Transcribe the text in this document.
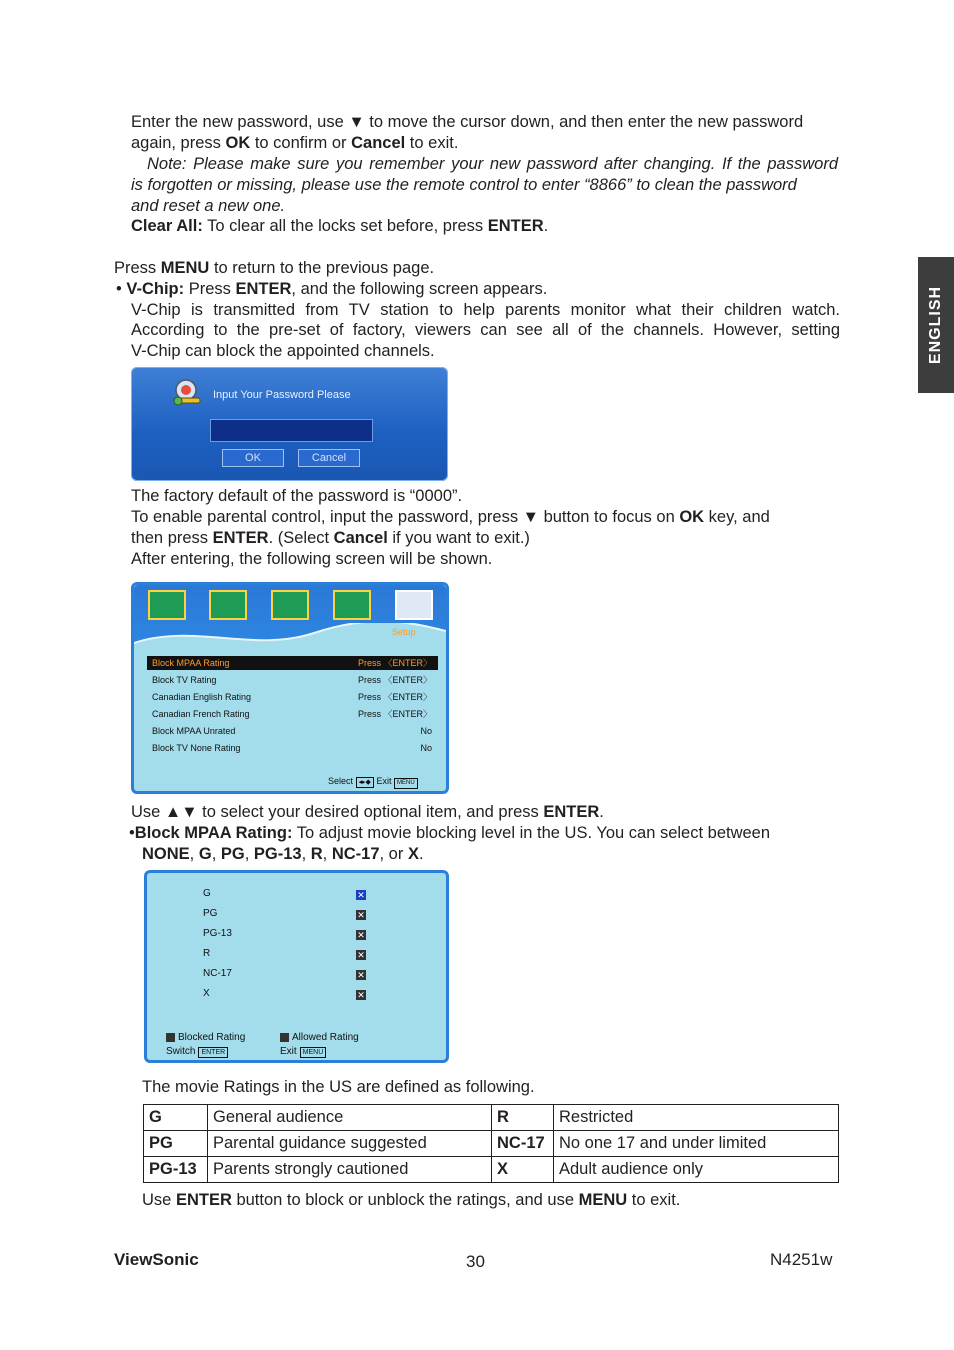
ENGLISH
Enter the new password, use ▼ to move the cursor down, and then enter the new password
again, press OK to confirm or Cancel to exit.
Note: Please make sure you remember your new password after changing. If the password
is forgotten or missing, please use the remote control to enter “8866” to clean the password
and reset a new one.
Clear All: To clear all the locks set before, press ENTER.
Press MENU to return to the previous page.
• V-Chip: Press ENTER, and the following screen appears.
V-Chip is transmitted from TV station to help parents monitor what their children watch.
According to the pre-set of factory, viewers can see all of the channels. However, setting
V-Chip can block the appointed channels.
Input Your Password Please
OK	Cancel
The factory default of the password is “0000”.
To enable parental control, input the password, press ▼ button to focus on OK key, and
then press ENTER. (Select Cancel if you want to exit.)
After entering, the following screen will be shown.
Setup
Block MPAA Rating	Press 〈ENTER〉
Block TV Rating	Press 〈ENTER〉
Canadian English Rating	Press 〈ENTER〉
Canadian French Rating	Press 〈ENTER〉
Block MPAA Unrated	No
Block TV None Rating	No
Select ◂▸◆ Exit MENU
Use ▲▼ to select your desired optional item, and press ENTER.
•Block MPAA Rating: To adjust movie blocking level in the US. You can select between
NONE, G, PG, PG-13, R, NC-17, or X.
G	✕
PG	✕
PG-13	✕
R	✕
NC-17	✕
X	✕
Blocked Rating	Allowed Rating
Switch ENTER	Exit MENU
The movie Ratings in the US are defined as following.
G	General audience	R	Restricted
PG	Parental guidance suggested	NC-17	No one 17 and under limited
PG-13	Parents strongly cautioned	X	Adult audience only
Use ENTER button to block or unblock the ratings, and use MENU to exit.
ViewSonic	30	N4251w
